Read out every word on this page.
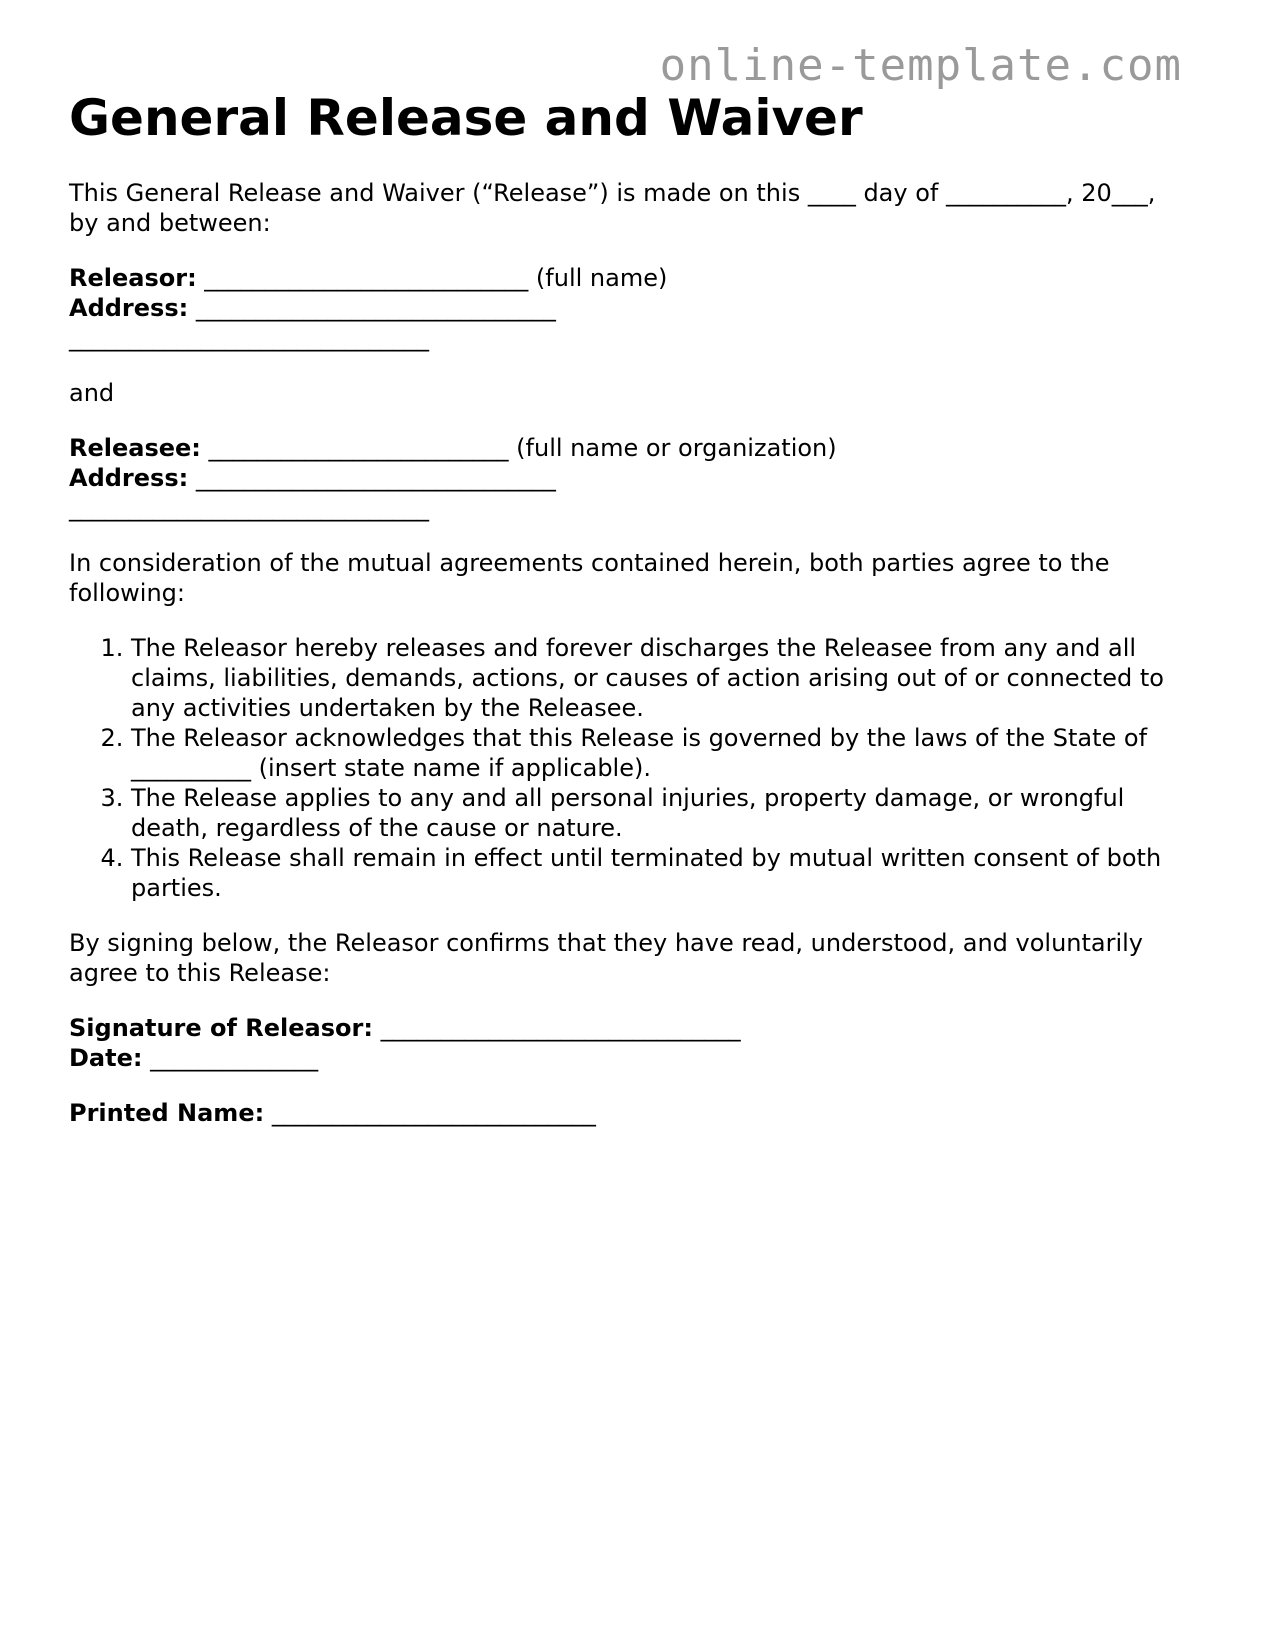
online-template.com
General Release and Waiver
This General Release and Waiver (“Release”) is made on this ____ day of __________, 20___,
by and between:
Releasor: ___________________________ (full name)
Address: ______________________________
______________________________
and
Releasee: _________________________ (full name or organization)
Address: ______________________________
______________________________

In consideration of the mutual agreements contained herein, both parties agree to the following:

1. The Releasor hereby releases and forever discharges the Releasee from any and all claims, liabilities, demands, actions, or causes of action arising out of or connected to any activities undertaken by the Releasee.
2. The Releasor acknowledges that this Release is governed by the laws of the State of __________ (insert state name if applicable).
3. The Release applies to any and all personal injuries, property damage, or wrongful death, regardless of the cause or nature.
4. This Release shall remain in effect until terminated by mutual written consent of both parties.

By signing below, the Releasor confirms that they have read, understood, and voluntarily agree to this Release:

Signature of Releasor: ______________________________
Date: ______________
Printed Name: ___________________________
